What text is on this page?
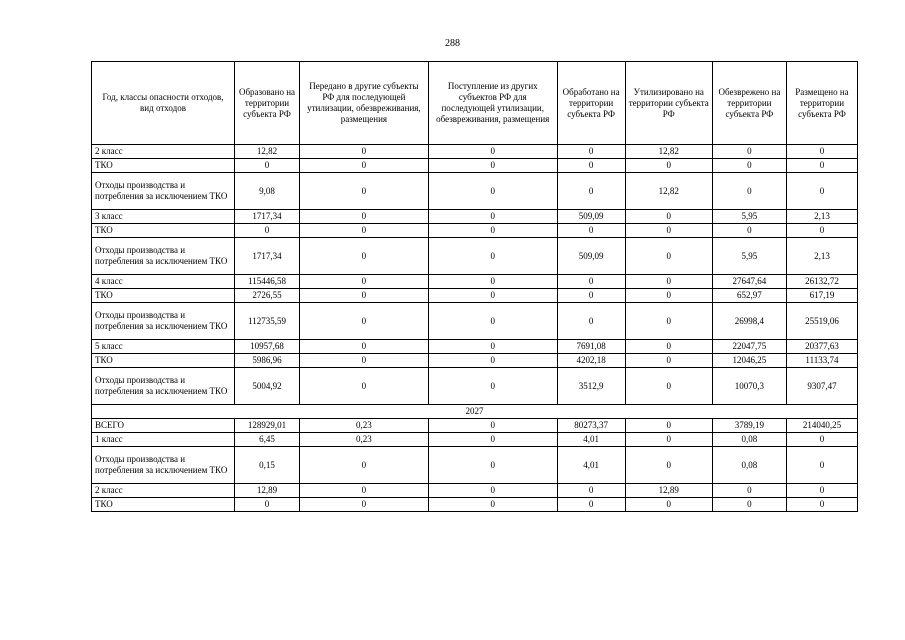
288
Год, классы опасности отходов, вид отходов	Образовано на территории субъекта РФ	Передано в другие субъекты РФ для последующей утилизации, обезвреживания, размещения	Поступление из других субъектов РФ для последующей утилизации, обезвреживания, размещения	Обработано на территории субъекта РФ	Утилизировано на территории субъекта РФ	Обезврежено на территории субъекта РФ	Размещено на территории субъекта РФ
2 класс	12,82	0	0	0	12,82	0	0
ТКО	0	0	0	0	0	0	0
Отходы производства и потребления за исключением ТКО	9,08	0	0	0	12,82	0	0
3 класс	1717,34	0	0	509,09	0	5,95	2,13
ТКО	0	0	0	0	0	0	0
Отходы производства и потребления за исключением ТКО	1717,34	0	0	509,09	0	5,95	2,13
4 класс	115446,58	0	0	0	0	27647,64	26132,72
ТКО	2726,55	0	0	0	0	652,97	617,19
Отходы производства и потребления за исключением ТКО	112735,59	0	0	0	0	26998,4	25519,06
5 класс	10957,68	0	0	7691,08	0	22047,75	20377,63
ТКО	5986,96	0	0	4202,18	0	12046,25	11133,74
Отходы производства и потребления за исключением ТКО	5004,92	0	0	3512,9	0	10070,3	9307,47
2027							
ВСЕГО	128929,01	0,23	0	80273,37	0	3789,19	214040,25
1 класс	6,45	0,23	0	4,01	0	0,08	0
Отходы производства и потребления за исключением ТКО	0,15	0	0	4,01	0	0,08	0
2 класс	12,89	0	0	0	12,89	0	0
ТКО	0	0	0	0	0	0	0
